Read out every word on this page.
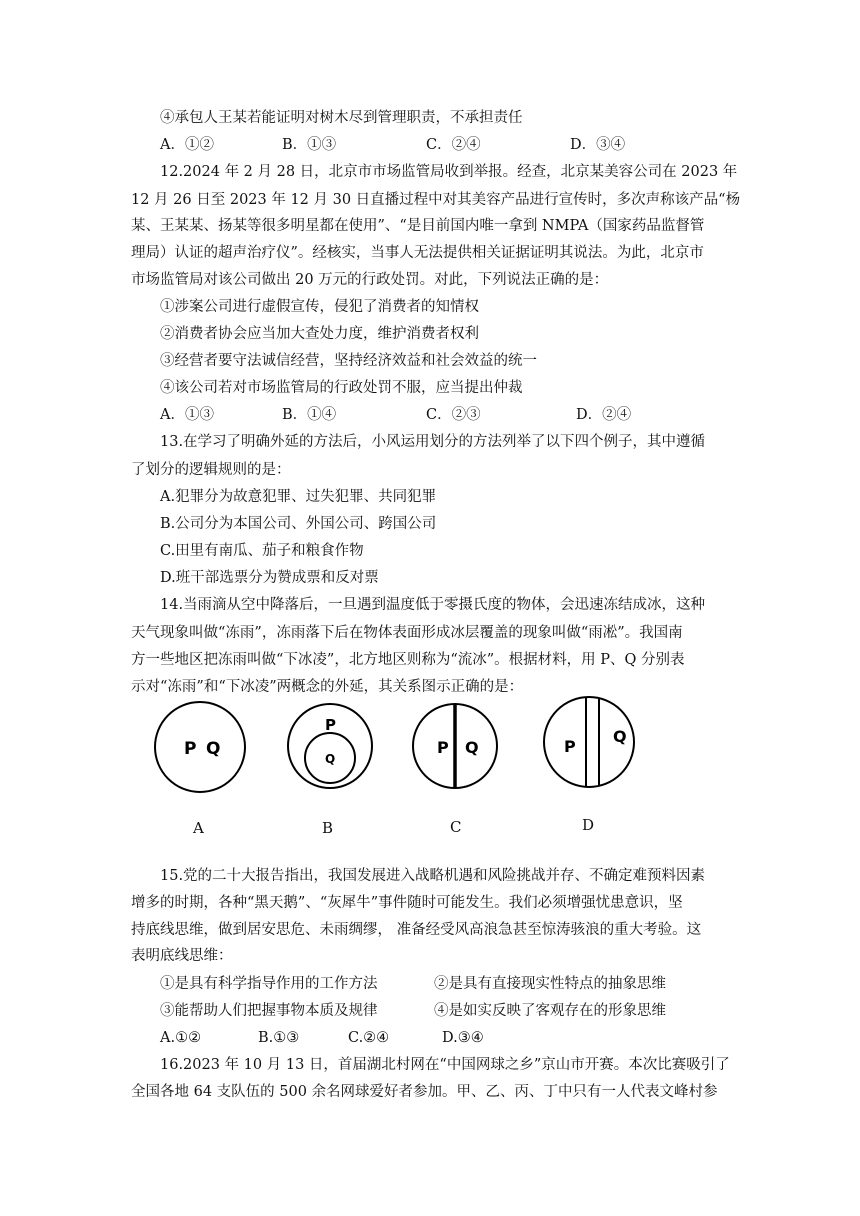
④承包人王某若能证明对树木尽到管理职责，不承担责任
A．①②	B．①③	C．②④	D．③④
12.2024 年 2 月 28 日，北京市市场监管局收到举报。经查，北京某美容公司在 2023 年
12 月 26 日至 2023 年 12 月 30 日直播过程中对其美容产品进行宣传时，多次声称该产品“杨
某、王某某、扬某等很多明星都在使用”、“是目前国内唯一拿到 NMPA（国家药品监督管
理局）认证的超声治疗仪”。经核实，当事人无法提供相关证据证明其说法。为此，北京市
市场监管局对该公司做出 20 万元的行政处罚。对此，下列说法正确的是：
①涉案公司进行虚假宣传，侵犯了消费者的知情权
②消费者协会应当加大查处力度，维护消费者权利
③经营者要守法诚信经营，坚持经济效益和社会效益的统一
④该公司若对市场监管局的行政处罚不服，应当提出仲裁
A．①③	B．①④	C．②③	D．②④
13.在学习了明确外延的方法后，小风运用划分的方法列举了以下四个例子，其中遵循
了划分的逻辑规则的是：
A.犯罪分为故意犯罪、过失犯罪、共同犯罪
B.公司分为本国公司、外国公司、跨国公司
C.田里有南瓜、茄子和粮食作物
D.班干部选票分为赞成票和反对票
14.当雨滴从空中降落后，一旦遇到温度低于零摄氏度的物体，会迅速冻结成冰，这种
天气现象叫做“冻雨”，冻雨落下后在物体表面形成冰层覆盖的现象叫做“雨凇”。我国南
方一些地区把冻雨叫做“下冰凌”，北方地区则称为“流冰”。根据材料，用 P、Q 分别表
示对“冻雨”和“下冰凌”两概念的外延，其关系图示正确的是：
P Q
P
Q
P Q	P
Q
A	B	C	D
15.党的二十大报告指出，我国发展进入战略机遇和风险挑战并存、不确定难预料因素
增多的时期，各种“黑天鹅”、“灰犀牛”事件随时可能发生。我们必须增强忧患意识，坚
持底线思维，做到居安思危、未雨绸缪， 准备经受风高浪急甚至惊涛骇浪的重大考验。这
表明底线思维：
①是具有科学指导作用的工作方法	②是具有直接现实性特点的抽象思维
③能帮助人们把握事物本质及规律	④是如实反映了客观存在的形象思维
A.①②	B.①③	C.②④	D.③④
16.2023 年 10 月 13 日，首届湖北村网在“中国网球之乡”京山市开赛。本次比赛吸引了
全国各地 64 支队伍的 500 余名网球爱好者参加。甲、乙、丙、丁中只有一人代表文峰村参
